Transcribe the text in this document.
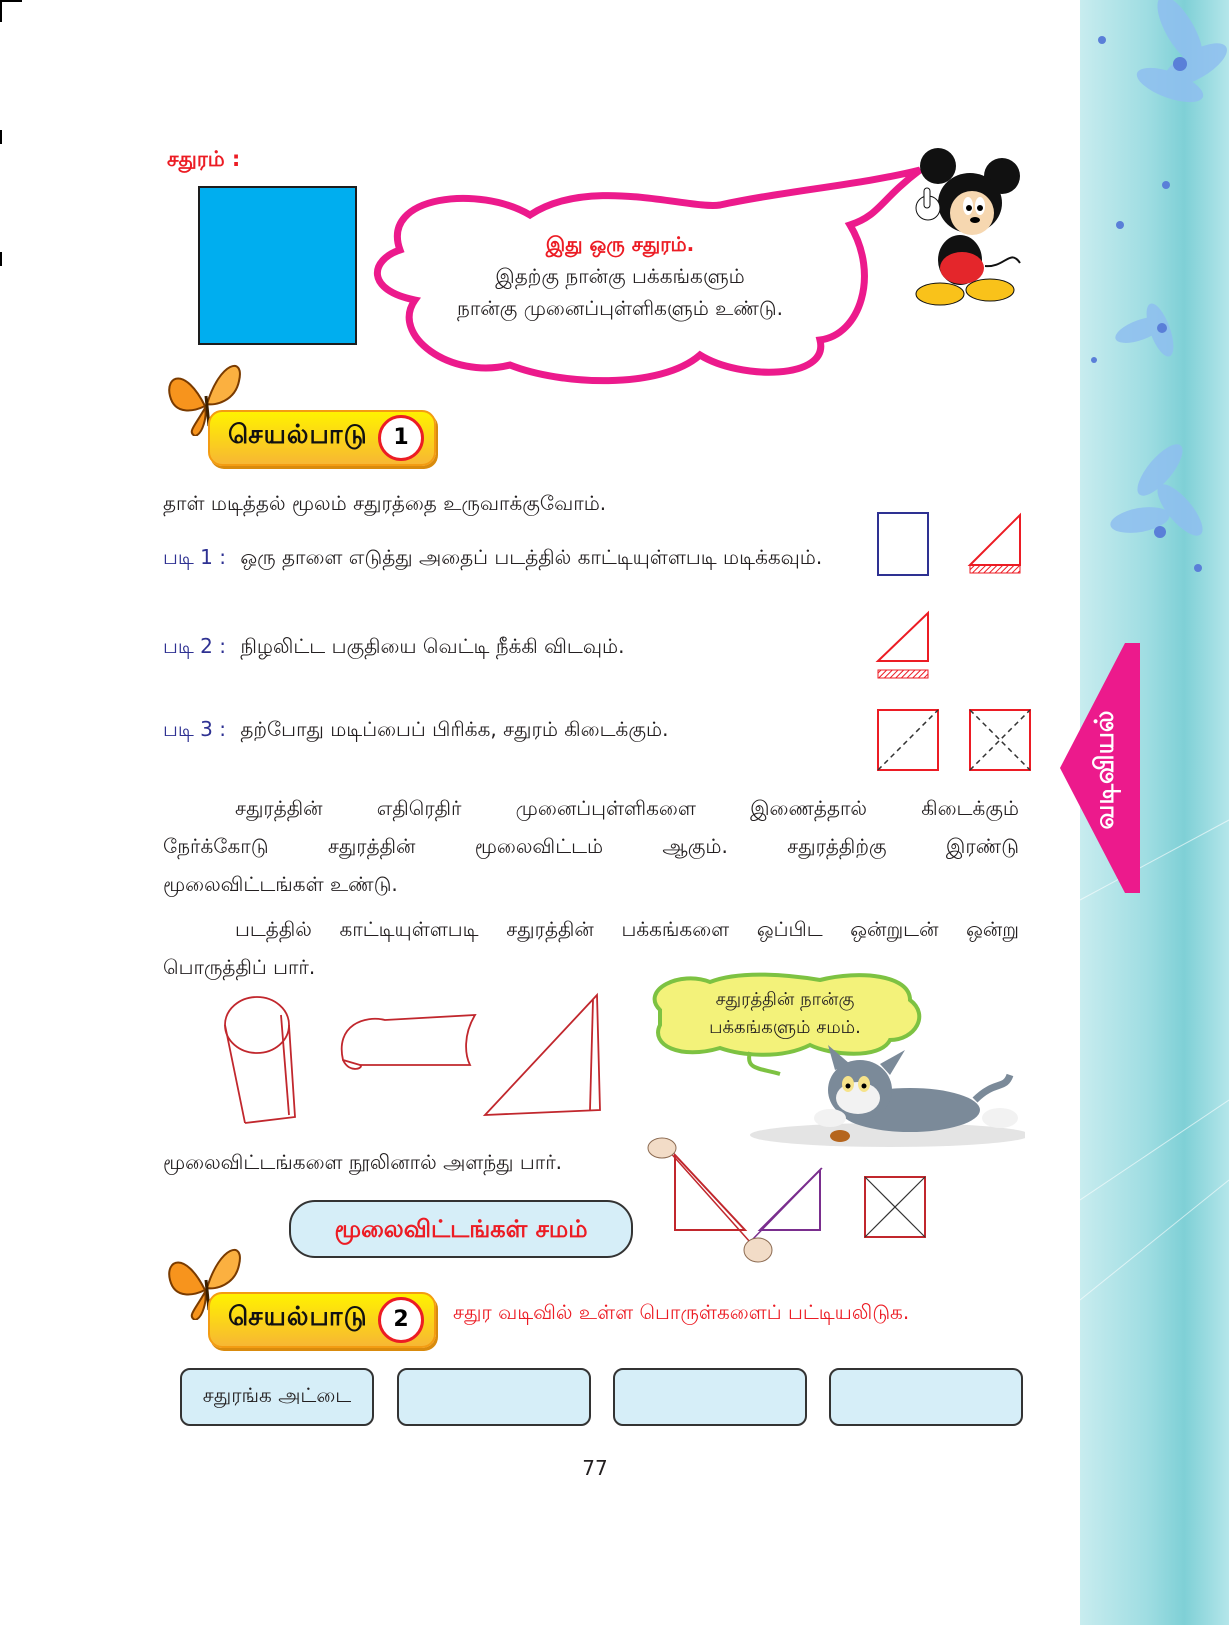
வடிவியல்
சதுரம் :
இது ஒரு சதுரம்.
இதற்கு நான்கு பக்கங்களும்
நான்கு முனைப்புள்ளிகளும் உண்டு.
செயல்பாடு	1
தாள் மடித்தல் மூலம் சதுரத்தை உருவாக்குவோம்.
படி 1 : ஒரு தாளை எடுத்து அதைப் படத்தில் காட்டியுள்ளபடி மடிக்கவும்.
படி 2 : நிழலிட்ட பகுதியை வெட்டி நீக்கி விடவும்.
படி 3 : தற்போது மடிப்பைப் பிரிக்க, சதுரம் கிடைக்கும்.
சதுரத்தின் எதிரெதிர் முனைப்புள்ளிகளை இணைத்தால் கிடைக்கும்
நேர்க்கோடு சதுரத்தின் மூலைவிட்டம் ஆகும். சதுரத்திற்கு இரண்டு
மூலைவிட்டங்கள் உண்டு.
படத்தில் காட்டியுள்ளபடி சதுரத்தின் பக்கங்களை ஒப்பிட ஒன்றுடன் ஒன்று
பொருத்திப் பார்.
சதுரத்தின் நான்கு
பக்கங்களும் சமம்.
மூலைவிட்டங்களை நூலினால் அளந்து பார்.
மூலைவிட்டங்கள் சமம்
செயல்பாடு	2	சதுர வடிவில் உள்ள பொருள்களைப் பட்டியலிடுக.
சதுரங்க அட்டை
77
